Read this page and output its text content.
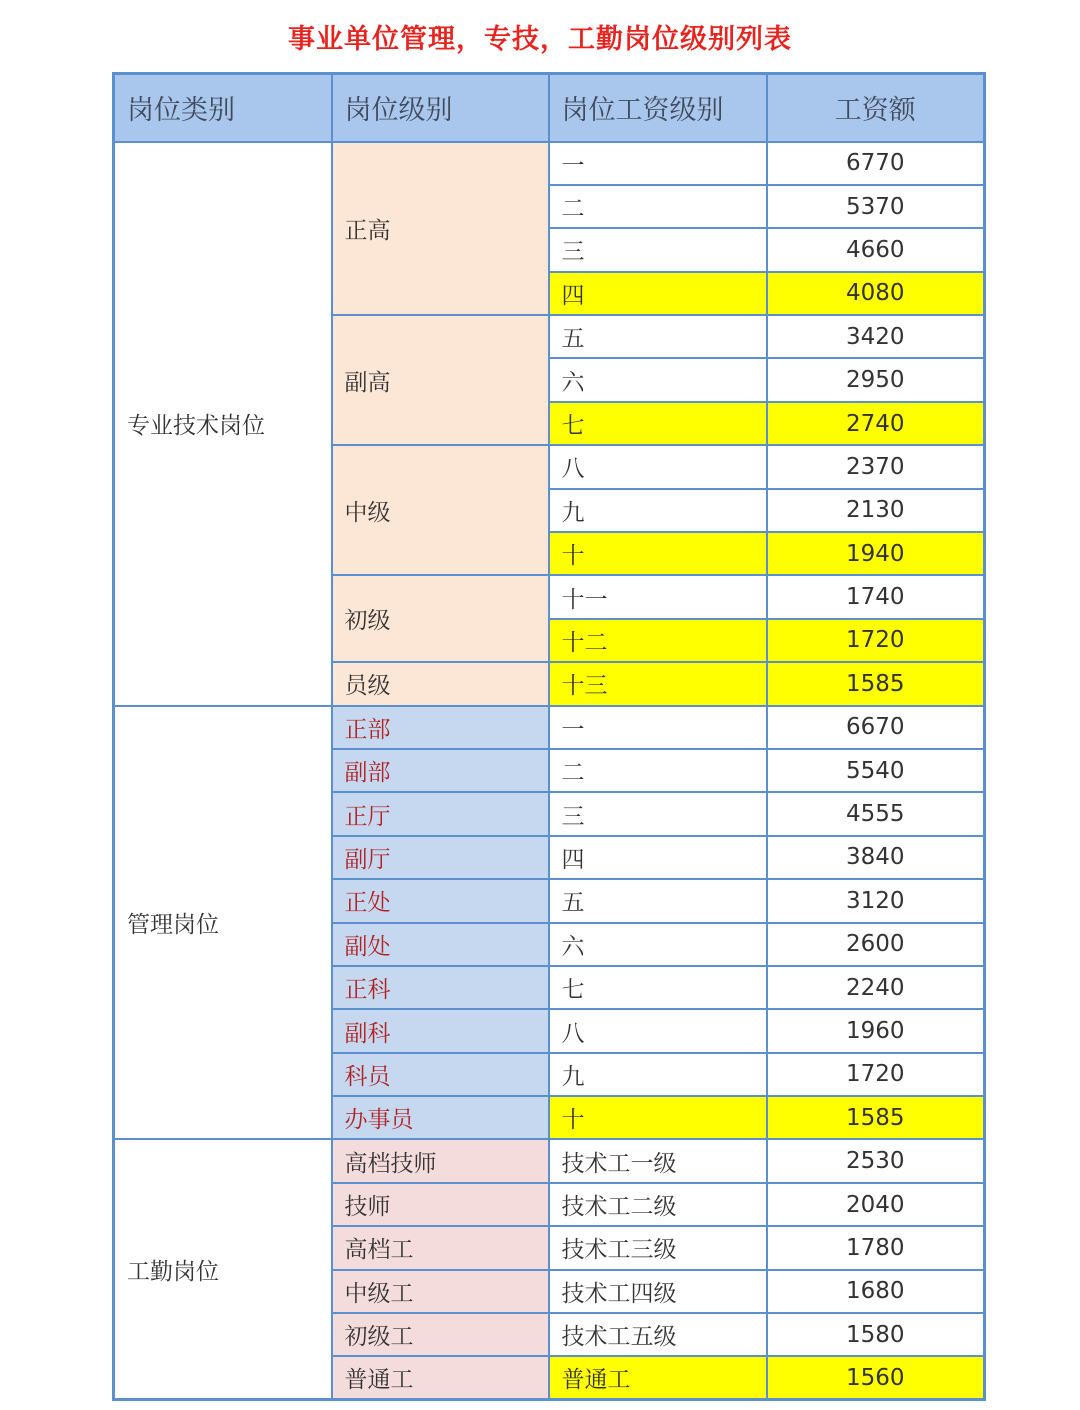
事业单位管理，专技，工勤岗位级别列表
岗位类别	岗位级别	岗位工资级别	工资额
专业技术岗位	正高	一	6770
		二	5370
		三	4660
		四	4080
	副高	五	3420
		六	2950
		七	2740
	中级	八	2370
		九	2130
		十	1940
	初级	十一	1740
		十二	1720
	员级	十三	1585
管理岗位	正部	一	6670
	副部	二	5540
	正厅	三	4555
	副厅	四	3840
	正处	五	3120
	副处	六	2600
	正科	七	2240
	副科	八	1960
	科员	九	1720
	办事员	十	1585
工勤岗位	高档技师	技术工一级	2530
	技师	技术工二级	2040
	高档工	技术工三级	1780
	中级工	技术工四级	1680
	初级工	技术工五级	1580
	普通工	普通工	1560
